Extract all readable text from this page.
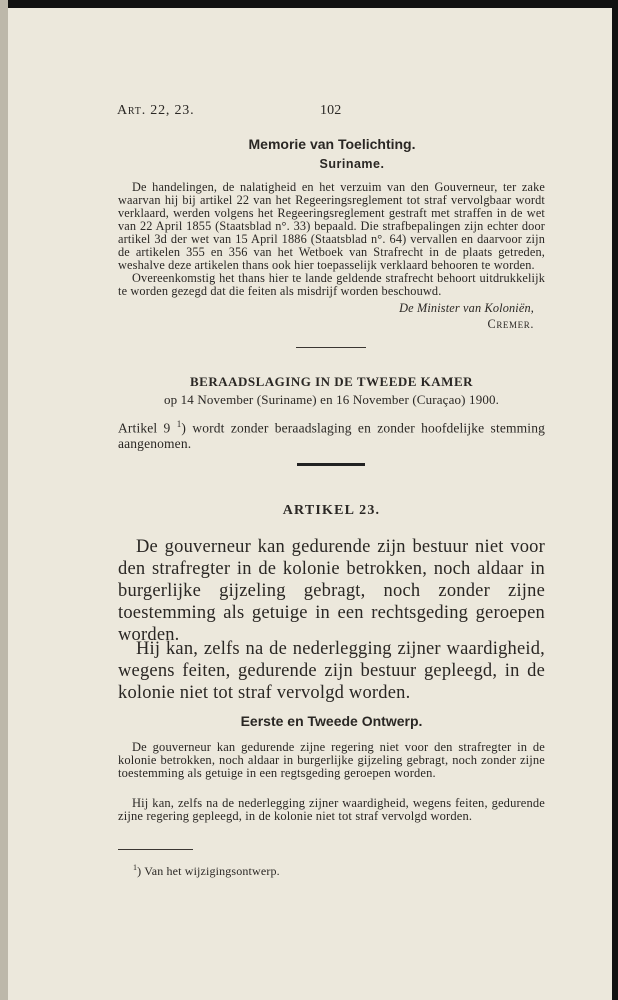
Art. 22, 23.	102
Memorie van Toelichting.
Suriname.
De handelingen, de nalatigheid en het verzuim van den Gouverneur, ter zake waarvan hij bij artikel 22 van het Regeeringsreglement tot straf vervolgbaar wordt verklaard, werden volgens het Regeeringsreglement gestraft met straffen in de wet van 22 April 1855 (Staatsblad n°. 33) bepaald. Die strafbepalingen zijn echter door artikel 3d der wet van 15 April 1886 (Staatsblad n°. 64) vervallen en daarvoor zijn de artikelen 355 en 356 van het Wetboek van Strafrecht in de plaats getreden, weshalve deze artikelen thans ook hier toepasselijk verklaard behooren te worden.
Overeenkomstig het thans hier te lande geldende strafrecht behoort uitdrukkelijk te worden gezegd dat die feiten als misdrijf worden beschouwd.
De Minister van Koloniën,
Cremer.
BERAADSLAGING IN DE TWEEDE KAMER
op 14 November (Suriname) en 16 November (Curaçao) 1900.
Artikel 9 $^1$) wordt zonder beraadslaging en zonder hoofdelijke stemming aangenomen.
ARTIKEL 23.
De gouverneur kan gedurende zijn bestuur niet voor den strafregter in de kolonie betrokken, noch aldaar in burgerlijke gijzeling gebragt, noch zonder zijne toestemming als getuige in een rechtsgeding geroepen worden.
Hij kan, zelfs na de nederlegging zijner waardigheid, wegens feiten, gedurende zijn bestuur gepleegd, in de kolonie niet tot straf vervolgd worden.
Eerste en Tweede Ontwerp.
De gouverneur kan gedurende zijne regering niet voor den strafregter in de kolonie betrokken, noch aldaar in burgerlijke gijzeling gebragt, noch zonder zijne toestemming als getuige in een regtsgeding geroepen worden.
Hij kan, zelfs na de nederlegging zijner waardigheid, wegens feiten, gedurende zijne regering gepleegd, in de kolonie niet tot straf vervolgd worden.
$^1$) Van het wijzigingsontwerp.
